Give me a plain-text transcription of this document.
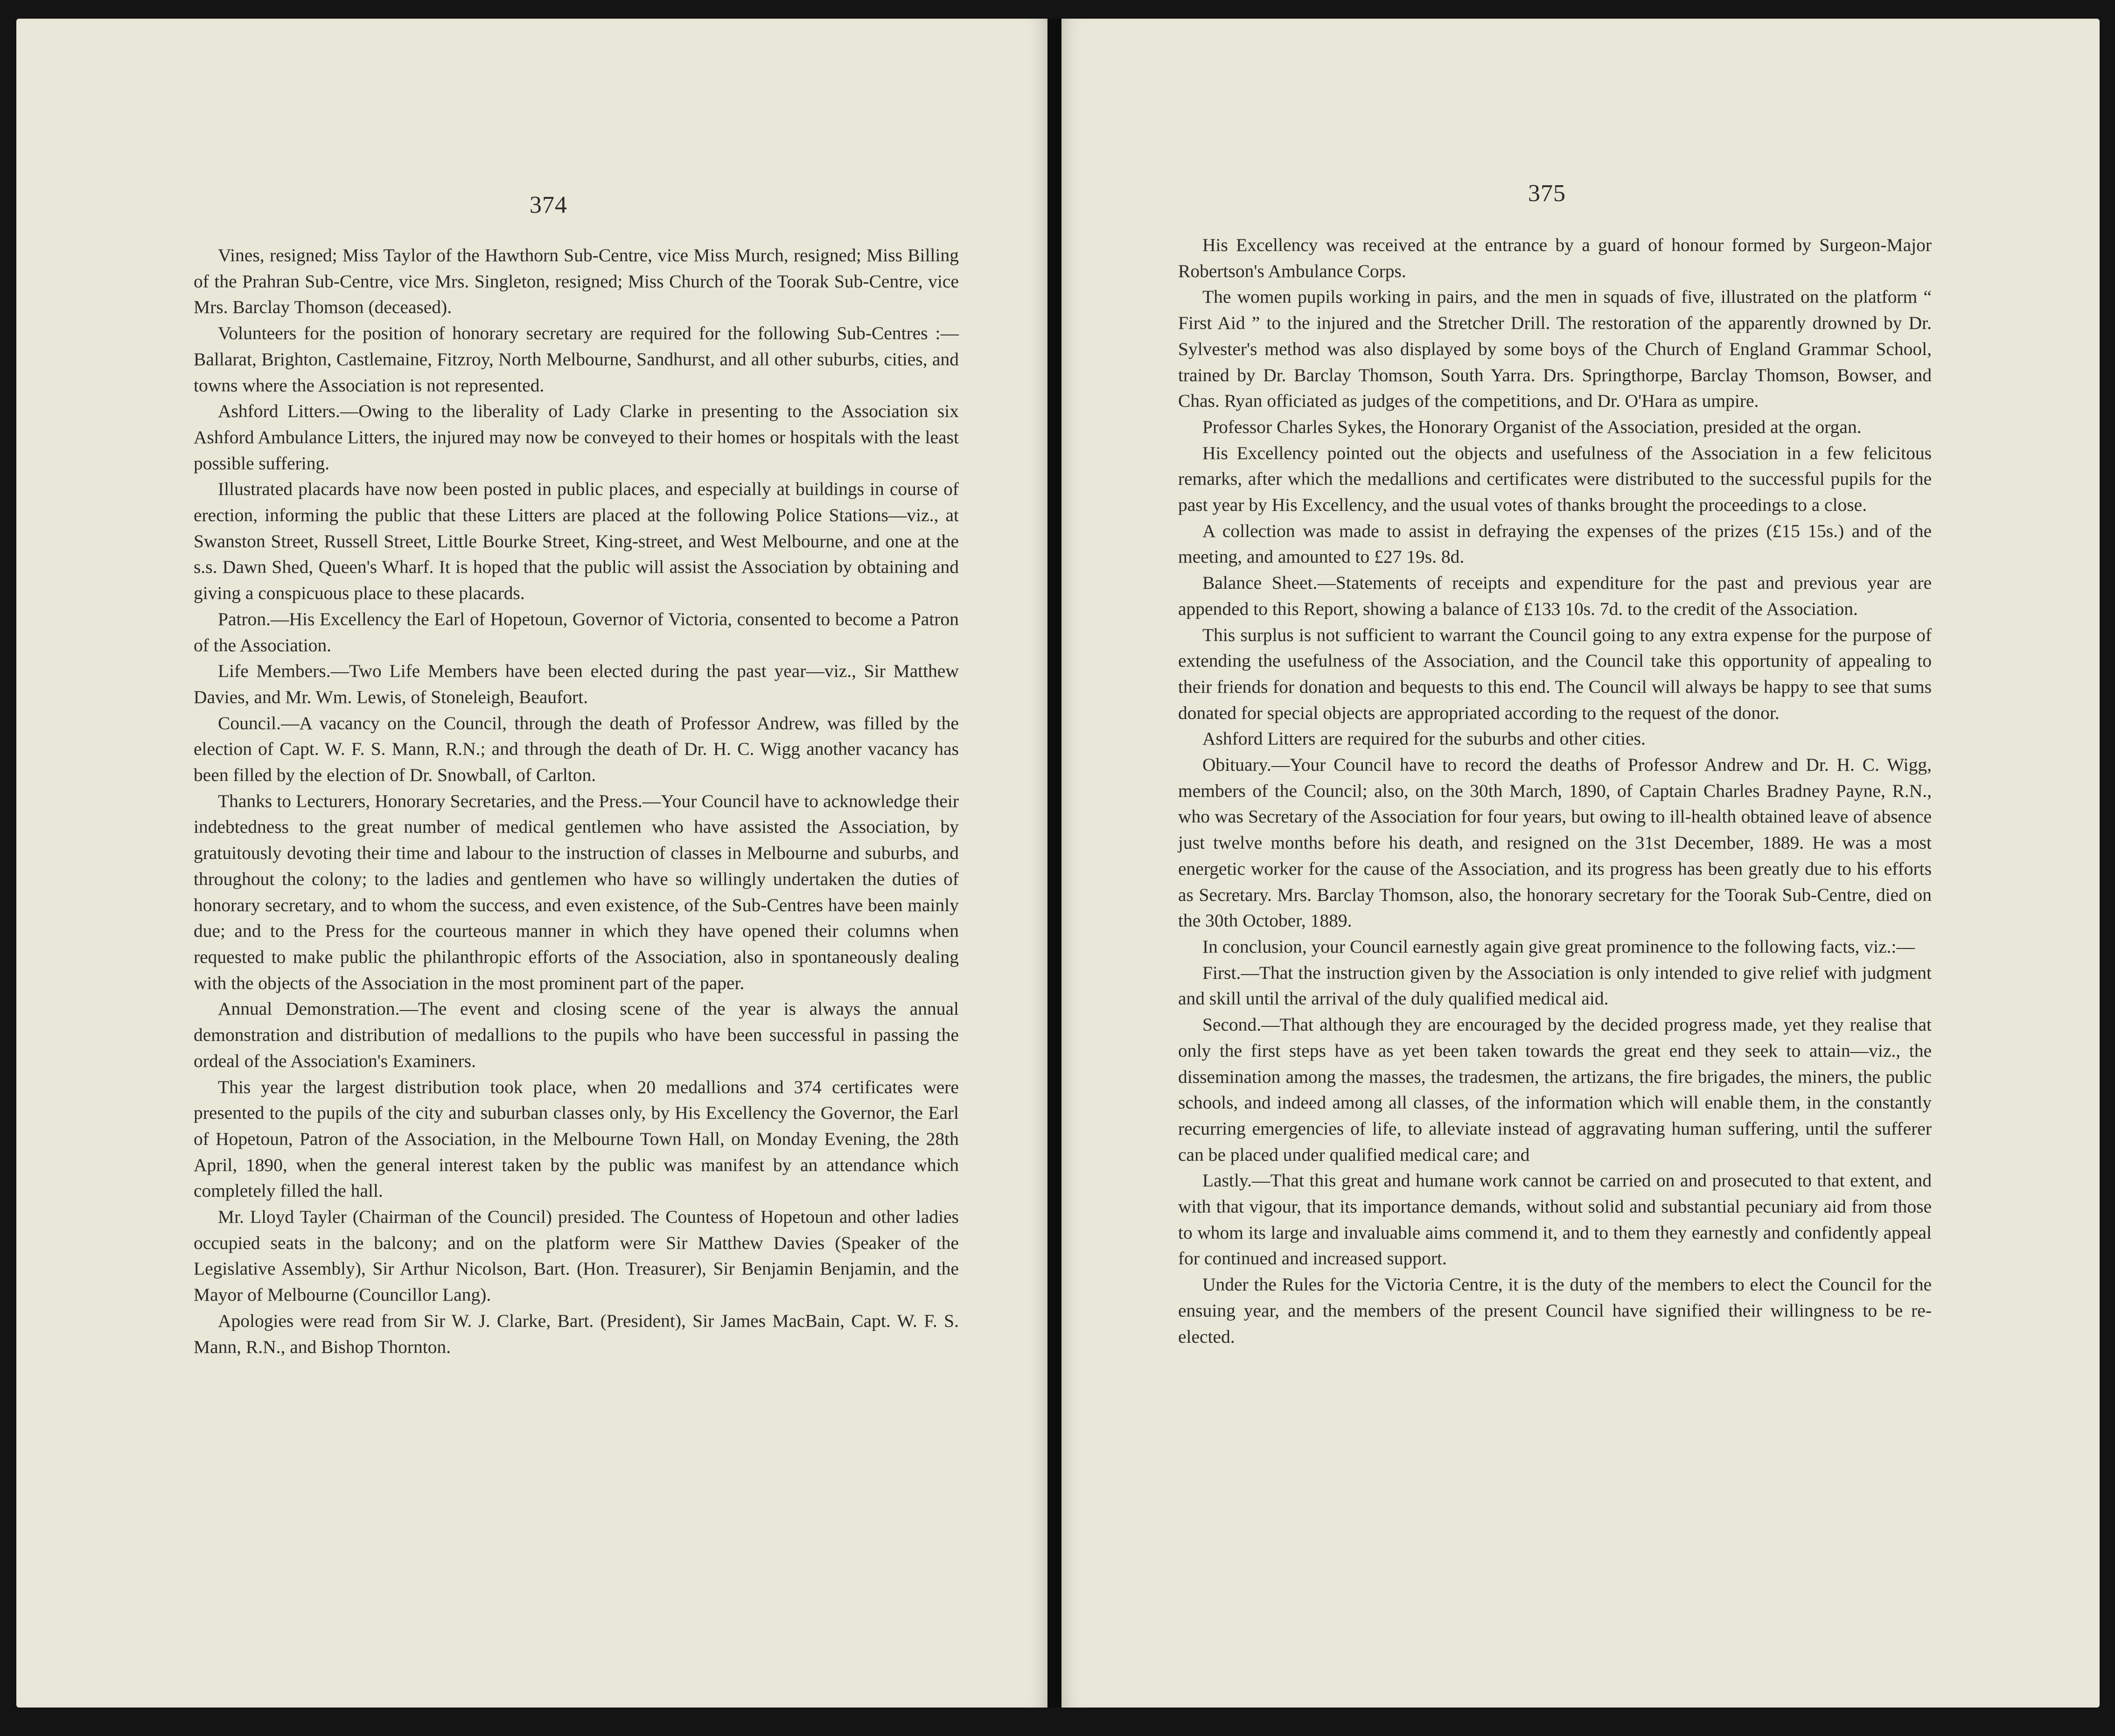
374

Vines, resigned; Miss Taylor of the Hawthorn Sub-Centre, vice Miss Murch, resigned; Miss Billing of the Prahran Sub-Centre, vice Mrs. Singleton, resigned; Miss Church of the Toorak Sub-Centre, vice Mrs. Barclay Thomson (deceased).

Volunteers for the position of honorary secretary are required for the following Sub-Centres :—Ballarat, Brighton, Castlemaine, Fitzroy, North Melbourne, Sandhurst, and all other suburbs, cities, and towns where the Association is not represented.

Ashford Litters.—Owing to the liberality of Lady Clarke in presenting to the Association six Ashford Ambulance Litters, the injured may now be conveyed to their homes or hospitals with the least possible suffering.

Illustrated placards have now been posted in public places, and especially at buildings in course of erection, informing the public that these Litters are placed at the following Police Stations—viz., at Swanston Street, Russell Street, Little Bourke Street, King-street, and West Melbourne, and one at the s.s. Dawn Shed, Queen's Wharf. It is hoped that the public will assist the Association by obtaining and giving a conspicuous place to these placards.

Patron.—His Excellency the Earl of Hopetoun, Governor of Victoria, consented to become a Patron of the Association.

Life Members.—Two Life Members have been elected during the past year—viz., Sir Matthew Davies, and Mr. Wm. Lewis, of Stoneleigh, Beaufort.

Council.—A vacancy on the Council, through the death of Professor Andrew, was filled by the election of Capt. W. F. S. Mann, R.N.; and through the death of Dr. H. C. Wigg another vacancy has been filled by the election of Dr. Snowball, of Carlton.

Thanks to Lecturers, Honorary Secretaries, and the Press.—Your Council have to acknowledge their indebtedness to the great number of medical gentlemen who have assisted the Association, by gratuitously devoting their time and labour to the instruction of classes in Melbourne and suburbs, and throughout the colony; to the ladies and gentlemen who have so willingly undertaken the duties of honorary secretary, and to whom the success, and even existence, of the Sub-Centres have been mainly due; and to the Press for the courteous manner in which they have opened their columns when requested to make public the philanthropic efforts of the Association, also in spontaneously dealing with the objects of the Association in the most prominent part of the paper.

Annual Demonstration.—The event and closing scene of the year is always the annual demonstration and distribution of medallions to the pupils who have been successful in passing the ordeal of the Association's Examiners.

This year the largest distribution took place, when 20 medallions and 374 certificates were presented to the pupils of the city and suburban classes only, by His Excellency the Governor, the Earl of Hopetoun, Patron of the Association, in the Melbourne Town Hall, on Monday Evening, the 28th April, 1890, when the general interest taken by the public was manifest by an attendance which completely filled the hall.

Mr. Lloyd Tayler (Chairman of the Council) presided. The Countess of Hopetoun and other ladies occupied seats in the balcony; and on the platform were Sir Matthew Davies (Speaker of the Legislative Assembly), Sir Arthur Nicolson, Bart. (Hon. Treasurer), Sir Benjamin Benjamin, and the Mayor of Melbourne (Councillor Lang).

Apologies were read from Sir W. J. Clarke, Bart. (President), Sir James MacBain, Capt. W. F. S. Mann, R.N., and Bishop Thornton.

375

His Excellency was received at the entrance by a guard of honour formed by Surgeon-Major Robertson's Ambulance Corps.

The women pupils working in pairs, and the men in squads of five, illustrated on the platform “ First Aid ” to the injured and the Stretcher Drill. The restoration of the apparently drowned by Dr. Sylvester's method was also displayed by some boys of the Church of England Grammar School, trained by Dr. Barclay Thomson, South Yarra. Drs. Springthorpe, Barclay Thomson, Bowser, and Chas. Ryan officiated as judges of the competitions, and Dr. O'Hara as umpire.

Professor Charles Sykes, the Honorary Organist of the Association, presided at the organ.

His Excellency pointed out the objects and usefulness of the Association in a few felicitous remarks, after which the medallions and certificates were distributed to the successful pupils for the past year by His Excellency, and the usual votes of thanks brought the proceedings to a close.

A collection was made to assist in defraying the expenses of the prizes (£15 15s.) and of the meeting, and amounted to £27 19s. 8d.

Balance Sheet.—Statements of receipts and expenditure for the past and previous year are appended to this Report, showing a balance of £133 10s. 7d. to the credit of the Association.

This surplus is not sufficient to warrant the Council going to any extra expense for the purpose of extending the usefulness of the Association, and the Council take this opportunity of appealing to their friends for donation and bequests to this end. The Council will always be happy to see that sums donated for special objects are appropriated according to the request of the donor.

Ashford Litters are required for the suburbs and other cities.

Obituary.—Your Council have to record the deaths of Professor Andrew and Dr. H. C. Wigg, members of the Council; also, on the 30th March, 1890, of Captain Charles Bradney Payne, R.N., who was Secretary of the Association for four years, but owing to ill-health obtained leave of absence just twelve months before his death, and resigned on the 31st December, 1889. He was a most energetic worker for the cause of the Association, and its progress has been greatly due to his efforts as Secretary. Mrs. Barclay Thomson, also, the honorary secretary for the Toorak Sub-Centre, died on the 30th October, 1889.

In conclusion, your Council earnestly again give great prominence to the following facts, viz.:—

First.—That the instruction given by the Association is only intended to give relief with judgment and skill until the arrival of the duly qualified medical aid.

Second.—That although they are encouraged by the decided progress made, yet they realise that only the first steps have as yet been taken towards the great end they seek to attain—viz., the dissemination among the masses, the tradesmen, the artizans, the fire brigades, the miners, the public schools, and indeed among all classes, of the information which will enable them, in the constantly recurring emergencies of life, to alleviate instead of aggravating human suffering, until the sufferer can be placed under qualified medical care; and

Lastly.—That this great and humane work cannot be carried on and prosecuted to that extent, and with that vigour, that its importance demands, without solid and substantial pecuniary aid from those to whom its large and invaluable aims commend it, and to them they earnestly and confidently appeal for continued and increased support.

Under the Rules for the Victoria Centre, it is the duty of the members to elect the Council for the ensuing year, and the members of the present Council have signified their willingness to be re-elected.
